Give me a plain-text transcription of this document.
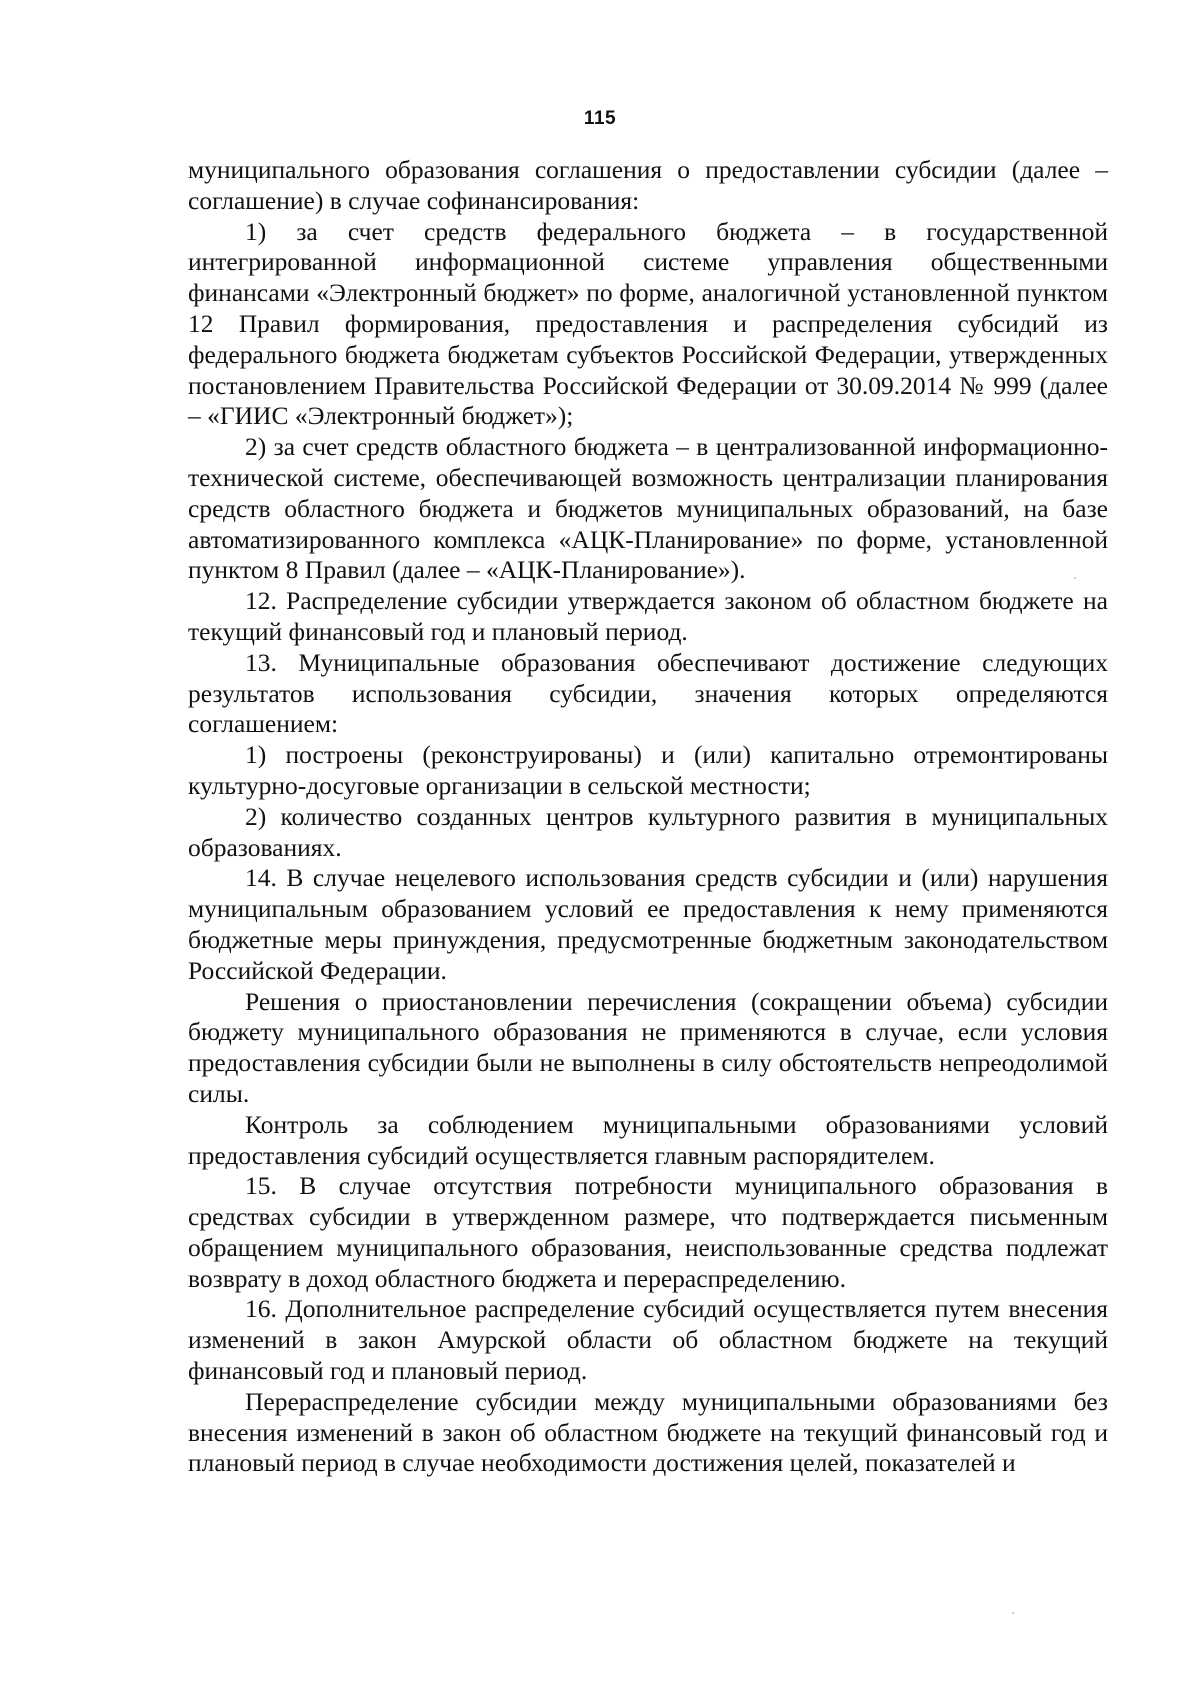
115

муниципального образования соглашения о предоставлении субсидии (далее – соглашение) в случае софинансирования:

1) за счет средств федерального бюджета – в государственной интегрированной информационной системе управления общественными финансами «Электронный бюджет» по форме, аналогичной установленной пунктом 12 Правил формирования, предоставления и распределения субсидий из федерального бюджета бюджетам субъектов Российской Федерации, утвержденных постановлением Правительства Российской Федерации от 30.09.2014 № 999 (далее – «ГИИС «Электронный бюджет»);

2) за счет средств областного бюджета – в централизованной информационно-технической системе, обеспечивающей возможность централизации планирования средств областного бюджета и бюджетов муниципальных образований, на базе автоматизированного комплекса «АЦК-Планирование» по форме, установленной пунктом 8 Правил (далее – «АЦК-Планирование»).

12. Распределение субсидии утверждается законом об областном бюджете на текущий финансовый год и плановый период.

13. Муниципальные образования обеспечивают достижение следующих результатов использования субсидии, значения которых определяются соглашением:

1) построены (реконструированы) и (или) капитально отремонтированы культурно-досуговые организации в сельской местности;

2) количество созданных центров культурного развития в муниципальных образованиях.

14. В случае нецелевого использования средств субсидии и (или) нарушения муниципальным образованием условий ее предоставления к нему применяются бюджетные меры принуждения, предусмотренные бюджетным законодательством Российской Федерации.

Решения о приостановлении перечисления (сокращении объема) субсидии бюджету муниципального образования не применяются в случае, если условия предоставления субсидии были не выполнены в силу обстоятельств непреодолимой силы.

Контроль за соблюдением муниципальными образованиями условий предоставления субсидий осуществляется главным распорядителем.

15. В случае отсутствия потребности муниципального образования в средствах субсидии в утвержденном размере, что подтверждается письменным обращением муниципального образования, неиспользованные средства подлежат возврату в доход областного бюджета и перераспределению.

16. Дополнительное распределение субсидий осуществляется путем внесения изменений в закон Амурской области об областном бюджете на текущий финансовый год и плановый период.

Перераспределение субсидии между муниципальными образованиями без внесения изменений в закон об областном бюджете на текущий финансовый год и плановый период в случае необходимости достижения целей, показателей и
